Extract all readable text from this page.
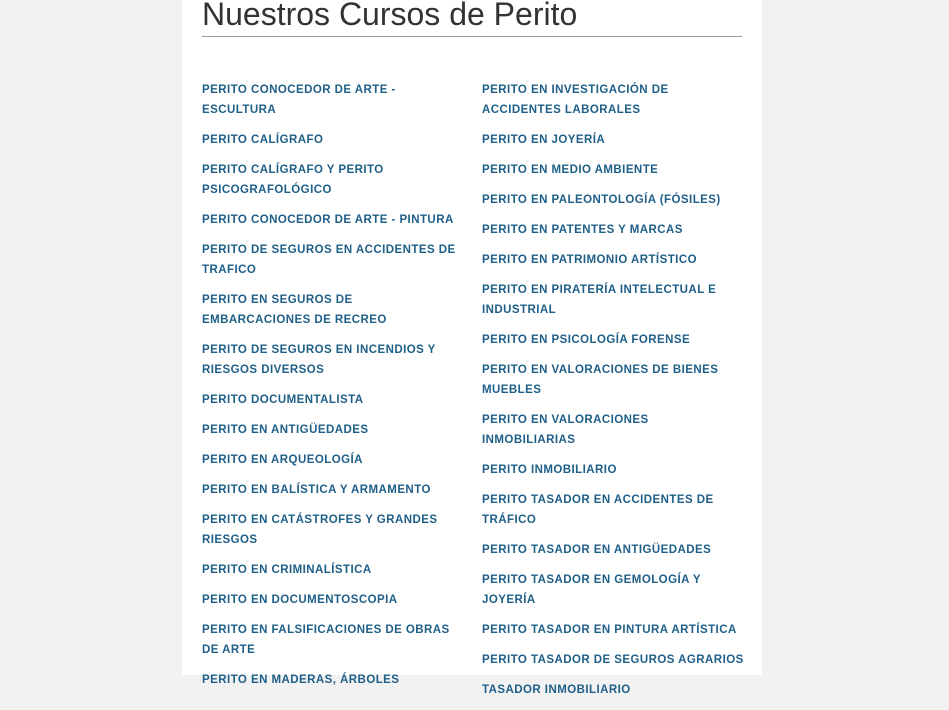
Nuestros Cursos de Perito
PERITO CONOCEDOR DE ARTE - ESCULTURA
PERITO CALÍGRAFO
PERITO CALÍGRAFO Y PERITO PSICOGRAFOLÓGICO
PERITO CONOCEDOR DE ARTE - PINTURA
PERITO DE SEGUROS EN ACCIDENTES DE TRAFICO
PERITO EN SEGUROS DE EMBARCACIONES DE RECREO
PERITO DE SEGUROS EN INCENDIOS Y RIESGOS DIVERSOS
PERITO DOCUMENTALISTA
PERITO EN ANTIGÜEDADES
PERITO EN ARQUEOLOGÍA
PERITO EN BALÍSTICA Y ARMAMENTO
PERITO EN CATÁSTROFES Y GRANDES RIESGOS
PERITO EN CRIMINALÍSTICA
PERITO EN DOCUMENTOSCOPIA
PERITO EN FALSIFICACIONES DE OBRAS DE ARTE
PERITO EN MADERAS, ÁRBOLES
PERITO EN INVESTIGACIÓN DE ACCIDENTES LABORALES
PERITO EN JOYERÍA
PERITO EN MEDIO AMBIENTE
PERITO EN PALEONTOLOGÍA (FÓSILES)
PERITO EN PATENTES Y MARCAS
PERITO EN PATRIMONIO ARTÍSTICO
PERITO EN PIRATERÍA INTELECTUAL E INDUSTRIAL
PERITO EN PSICOLOGÍA FORENSE
PERITO EN VALORACIONES DE BIENES MUEBLES
PERITO EN VALORACIONES INMOBILIARIAS
PERITO INMOBILIARIO
PERITO TASADOR EN ACCIDENTES DE TRÁFICO
PERITO TASADOR EN ANTIGÜEDADES
PERITO TASADOR EN GEMOLOGÍA Y JOYERÍA
PERITO TASADOR EN PINTURA ARTÍSTICA
PERITO TASADOR DE SEGUROS AGRARIOS
TASADOR INMOBILIARIO
